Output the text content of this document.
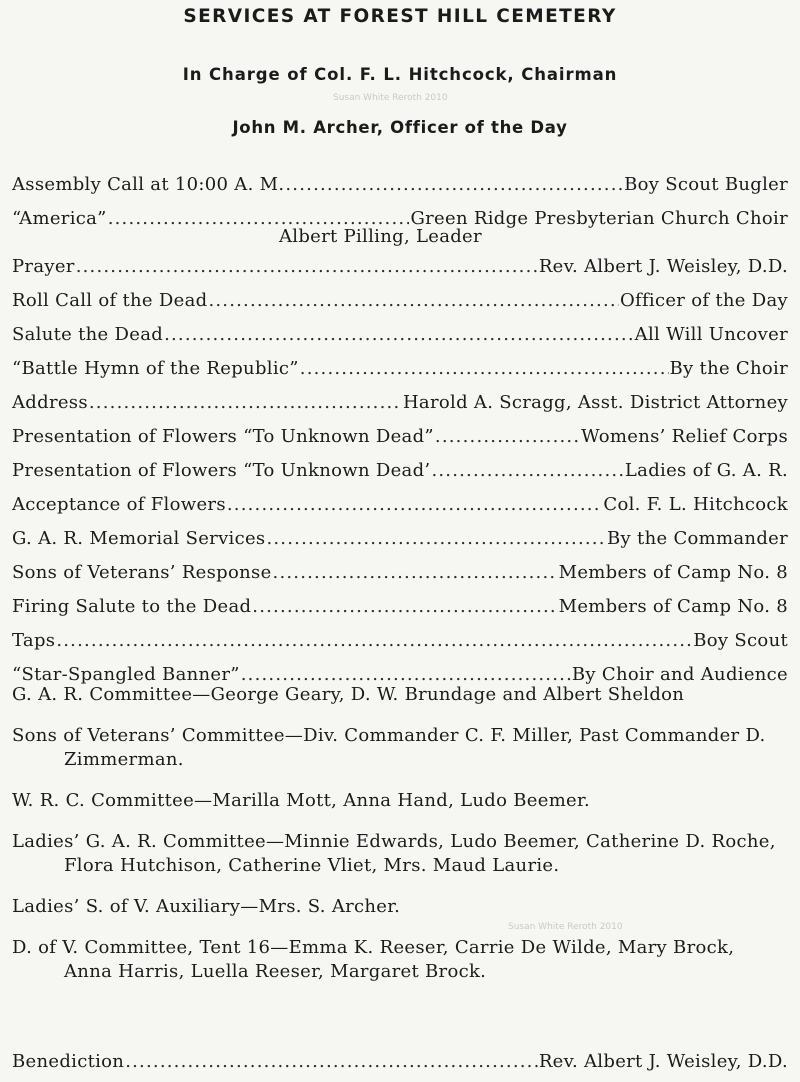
SERVICES AT FOREST HILL CEMETERY
Susan White Reroth 2010
In Charge of Col. F. L. Hitchcock, Chairman
John M. Archer, Officer of the Day
Assembly Call at 10:00 A. M. .....	Boy Scout Bugler
“America” .....	Green Ridge Presbyterian Church Choir
Albert Pilling, Leader
Prayer .....	Rev. Albert J. Weisley, D.D.
Roll Call of the Dead .....	Officer of the Day
Salute the Dead .....	All Will Uncover
“Battle Hymn of the Republic” .....	By the Choir
Address .....	Harold A. Scragg, Asst. District Attorney
Presentation of Flowers “To Unknown Dead” .....	Womens’ Relief Corps
Presentation of Flowers “To Unknown Dead’ .....	Ladies of G. A. R.
Acceptance of Flowers .....	Col. F. L. Hitchcock
G. A. R. Memorial Services .....	By the Commander
Sons of Veterans’ Response .....	Members of Camp No. 8
Firing Salute to the Dead .....	Members of Camp No. 8
Taps .....	Boy Scout
“Star-Spangled Banner” .....	By Choir and Audience
G. A. R. Committee—George Geary, D. W. Brundage and Albert Sheldon
Sons of Veterans’ Committee—Div. Commander C. F. Miller, Past Commander D. Zimmerman.
W. R. C. Committee—Marilla Mott, Anna Hand, Ludo Beemer.
Ladies’ G. A. R. Committee—Minnie Edwards, Ludo Beemer, Catherine D. Roche, Flora Hutchison, Catherine Vliet, Mrs. Maud Laurie.
Ladies’ S. of V. Auxiliary—Mrs. S. Archer.
D. of V. Committee, Tent 16—Emma K. Reeser, Carrie De Wilde, Mary Brock, Anna Harris, Luella Reeser, Margaret Brock.
Susan White Reroth 2010
Benediction .....	Rev. Albert J. Weisley, D.D.
